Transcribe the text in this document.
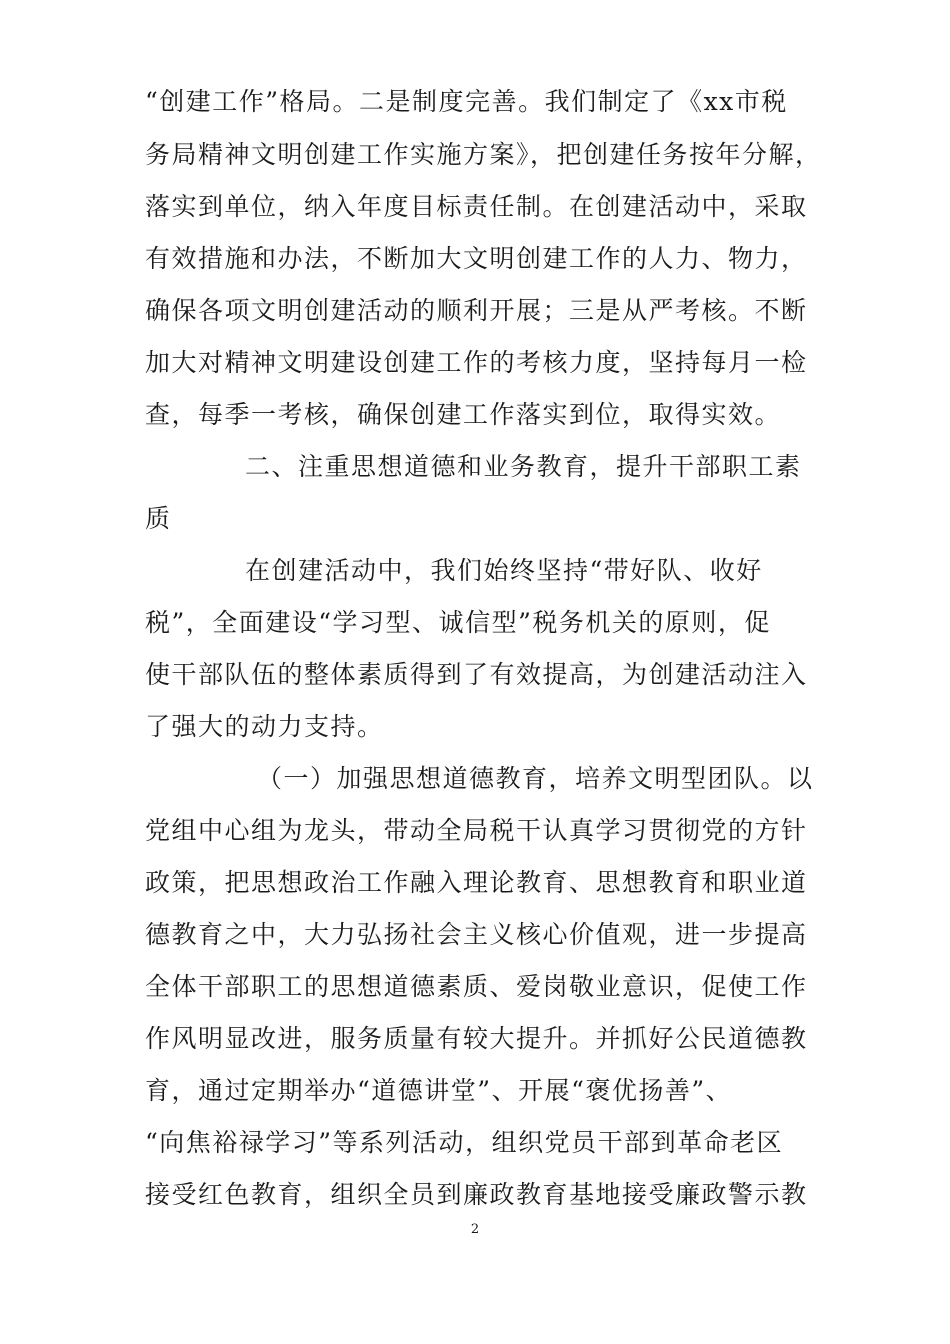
“创建工作”格局。二是制度完善。我们制定了《xx市税
务局精神文明创建工作实施方案》，把创建任务按年分解，
落实到单位，纳入年度目标责任制。在创建活动中，采取
有效措施和办法，不断加大文明创建工作的人力、物力，
确保各项文明创建活动的顺利开展；三是从严考核。不断
加大对精神文明建设创建工作的考核力度，坚持每月一检
查，每季一考核，确保创建工作落实到位，取得实效。
二、注重思想道德和业务教育，提升干部职工素
质
在创建活动中，我们始终坚持“带好队、收好
税”，全面建设“学习型、诚信型”税务机关的原则，促
使干部队伍的整体素质得到了有效提高，为创建活动注入
了强大的动力支持。
（一）加强思想道德教育，培养文明型团队。以
党组中心组为龙头，带动全局税干认真学习贯彻党的方针
政策，把思想政治工作融入理论教育、思想教育和职业道
德教育之中，大力弘扬社会主义核心价值观，进一步提高
全体干部职工的思想道德素质、爱岗敬业意识，促使工作
作风明显改进，服务质量有较大提升。并抓好公民道德教
育，通过定期举办“道德讲堂”、开展“褒优扬善”、
“向焦裕禄学习”等系列活动，组织党员干部到革命老区
接受红色教育，组织全员到廉政教育基地接受廉政警示教
2
